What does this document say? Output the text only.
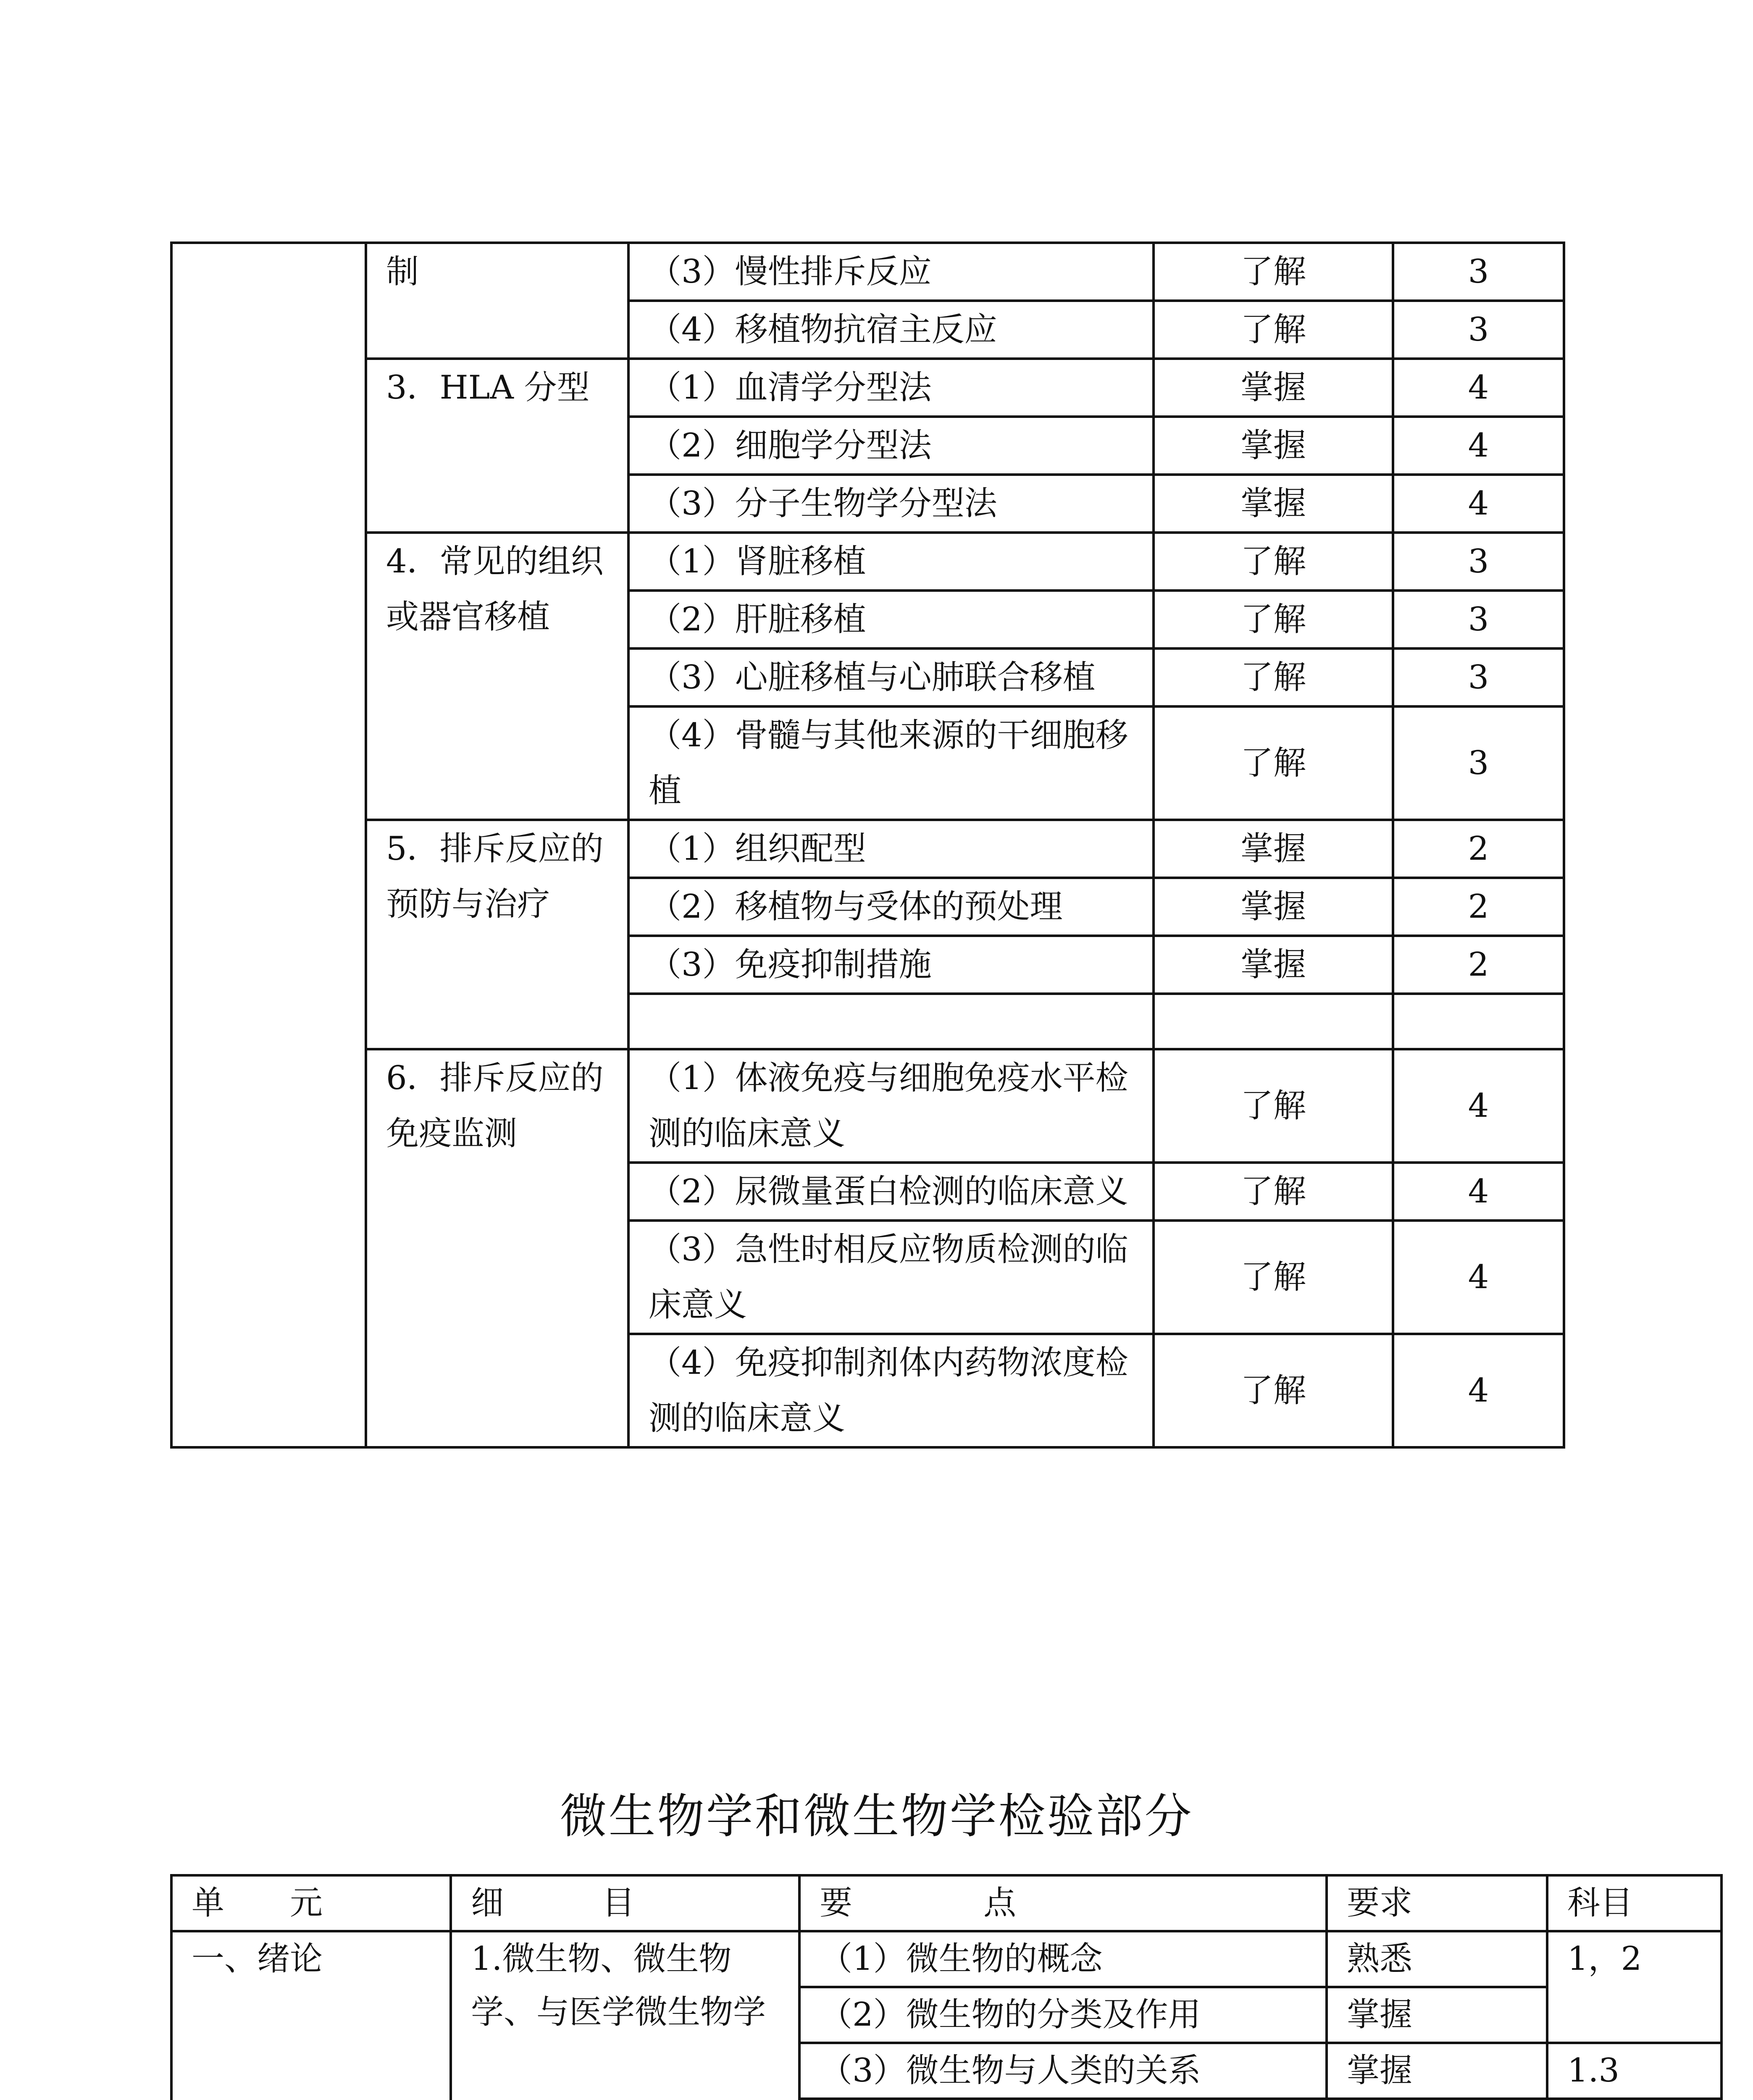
	制	（3）慢性排斥反应	了解	3
		（4）移植物抗宿主反应	了解	3
	3．HLA 分型	（1）血清学分型法	掌握	4
		（2）细胞学分型法	掌握	4
		（3）分子生物学分型法	掌握	4
	4．常见的组织或器官移植	（1）肾脏移植	了解	3
		（2）肝脏移植	了解	3
		（3）心脏移植与心肺联合移植	了解	3
		（4）骨髓与其他来源的干细胞移植	了解	3
	5．排斥反应的预防与治疗	（1）组织配型	掌握	2
		（2）移植物与受体的预处理	掌握	2
		（3）免疫抑制措施	掌握	2

	6．排斥反应的免疫监测	（1）体液免疫与细胞免疫水平检测的临床意义	了解	4
		（2）尿微量蛋白检测的临床意义	了解	4
		（3）急性时相反应物质检测的临床意义	了解	4
		（4）免疫抑制剂体内药物浓度检测的临床意义	了解	4
微生物学和微生物学检验部分
单　　元	细　　　目	要　　　　点	要求	科目
一、绪论	1.微生物、微生物学、与医学微生物学	（1）微生物的概念	熟悉	1，2
		（2）微生物的分类及作用	掌握	
		（3）微生物与人类的关系	掌握	1.3
